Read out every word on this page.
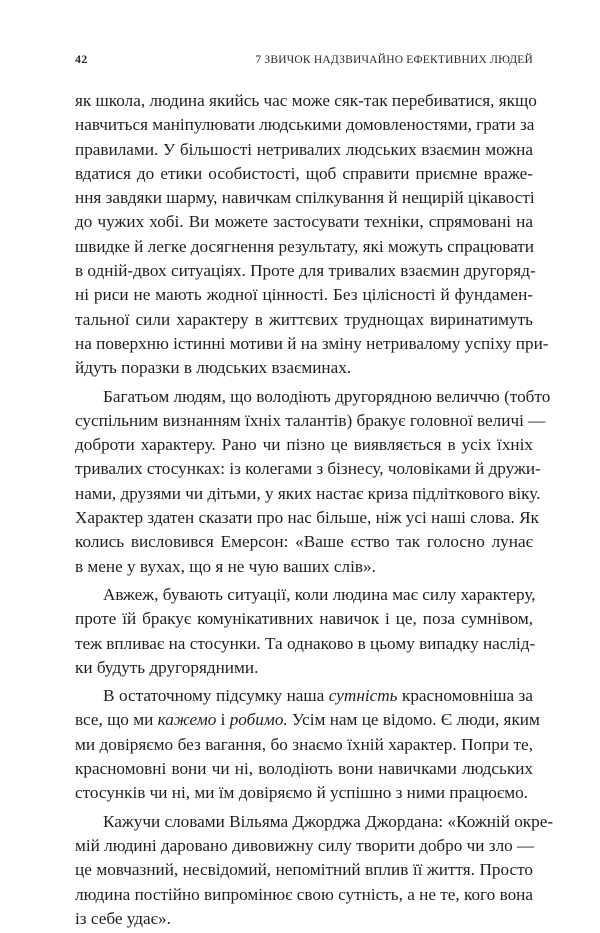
42	7 ЗВИЧОК НАДЗВИЧАЙНО ЕФЕКТИВНИХ ЛЮДЕЙ
як школа, людина якийсь час може сяк-так перебиватися, якщо
навчиться маніпулювати людськими домовленостями, грати за
правилами. У більшості нетривалих людських взаємин можна
вдатися до етики особистості, щоб справити приємне враже-
ння завдяки шарму, навичкам спілкування й нещирій цікавості
до чужих хобі. Ви можете застосувати техніки, спрямовані на
швидке й легке досягнення результату, які можуть спрацювати
в одній-двох ситуаціях. Проте для тривалих взаємин другоряд-
ні риси не мають жодної цінності. Без цілісності й фундамен-
тальної сили характеру в життєвих труднощах виринатимуть
на поверхню істинні мотиви й на зміну нетривалому успіху при-
йдуть поразки в людських взаєминах.
Багатьом людям, що володіють другорядною величчю (тобто
суспільним визнанням їхніх талантів) бракує головної величі —
доброти характеру. Рано чи пізно це виявляється в усіх їхніх
тривалих стосунках: із колегами з бізнесу, чоловіками й дружи-
нами, друзями чи дітьми, у яких настає криза підліткового віку.
Характер здатен сказати про нас більше, ніж усі наші слова. Як
колись висловився Емерсон: «Ваше єство так голосно лунає
в мене у вухах, що я не чую ваших слів».
Авжеж, бувають ситуації, коли людина має силу характеру,
проте їй бракує комунікативних навичок і це, поза сумнівом,
теж впливає на стосунки. Та однаково в цьому випадку наслід-
ки будуть другорядними.
В остаточному підсумку наша сутність красномовніша за
все, що ми кажемо і робимо. Усім нам це відомо. Є люди, яким
ми довіряємо без вагання, бо знаємо їхній характер. Попри те,
красномовні вони чи ні, володіють вони навичками людських
стосунків чи ні, ми їм довіряємо й успішно з ними працюємо.
Кажучи словами Вільяма Джорджа Джордана: «Кожній окре-
мій людині даровано дивовижну силу творити добро чи зло —
це мовчазний, несвідомий, непомітний вплив її життя. Просто
людина постійно випромінює свою сутність, а не те, кого вона
із себе удає».
